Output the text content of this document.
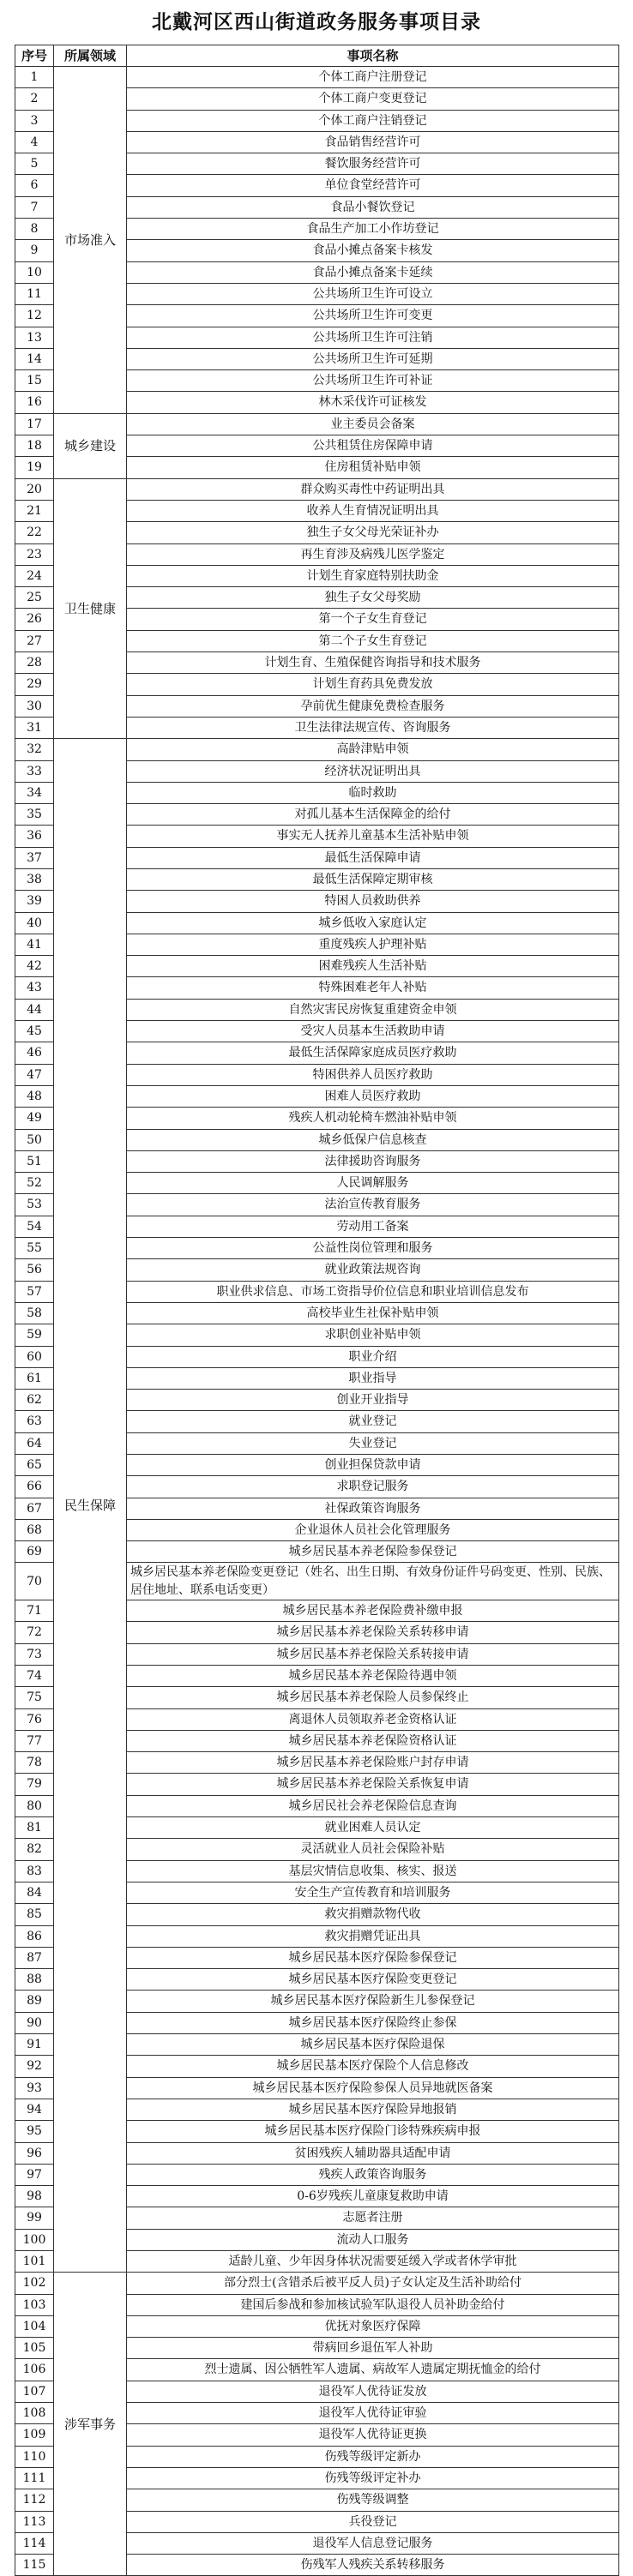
北戴河区西山街道政务服务事项目录
序号	所属领域	事项名称
1	市场准入	个体工商户注册登记
2		个体工商户变更登记
3		个体工商户注销登记
4		食品销售经营许可
5		餐饮服务经营许可
6		单位食堂经营许可
7		食品小餐饮登记
8		食品生产加工小作坊登记
9		食品小摊点备案卡核发
10		食品小摊点备案卡延续
11		公共场所卫生许可设立
12		公共场所卫生许可变更
13		公共场所卫生许可注销
14		公共场所卫生许可延期
15		公共场所卫生许可补证
16		林木采伐许可证核发
17	城乡建设	业主委员会备案
18		公共租赁住房保障申请
19		住房租赁补贴申领
20	卫生健康	群众购买毒性中药证明出具
21		收养人生育情况证明出具
22		独生子女父母光荣证补办
23		再生育涉及病残儿医学鉴定
24		计划生育家庭特别扶助金
25		独生子女父母奖励
26		第一个子女生育登记
27		第二个子女生育登记
28		计划生育、生殖保健咨询指导和技术服务
29		计划生育药具免费发放
30		孕前优生健康免费检查服务
31		卫生法律法规宣传、咨询服务
32	民生保障	高龄津贴申领
33		经济状况证明出具
34		临时救助
35		对孤儿基本生活保障金的给付
36		事实无人抚养儿童基本生活补贴申领
37		最低生活保障申请
38		最低生活保障定期审核
39		特困人员救助供养
40		城乡低收入家庭认定
41		重度残疾人护理补贴
42		困难残疾人生活补贴
43		特殊困难老年人补贴
44		自然灾害民房恢复重建资金申领
45		受灾人员基本生活救助申请
46		最低生活保障家庭成员医疗救助
47		特困供养人员医疗救助
48		困难人员医疗救助
49		残疾人机动轮椅车燃油补贴申领
50		城乡低保户信息核查
51		法律援助咨询服务
52		人民调解服务
53		法治宣传教育服务
54		劳动用工备案
55		公益性岗位管理和服务
56		就业政策法规咨询
57		职业供求信息、市场工资指导价位信息和职业培训信息发布
58		高校毕业生社保补贴申领
59		求职创业补贴申领
60		职业介绍
61		职业指导
62		创业开业指导
63		就业登记
64		失业登记
65		创业担保贷款申请
66		求职登记服务
67		社保政策咨询服务
68		企业退休人员社会化管理服务
69		城乡居民基本养老保险参保登记
70		城乡居民基本养老保险变更登记（姓名、出生日期、有效身份证件号码变更、性别、民族、居住地址、联系电话变更）
71		城乡居民基本养老保险费补缴申报
72		城乡居民基本养老保险关系转移申请
73		城乡居民基本养老保险关系转接申请
74		城乡居民基本养老保险待遇申领
75		城乡居民基本养老保险人员参保终止
76		离退休人员领取养老金资格认证
77		城乡居民基本养老保险资格认证
78		城乡居民基本养老保险账户封存申请
79		城乡居民基本养老保险关系恢复申请
80		城乡居民社会养老保险信息查询
81		就业困难人员认定
82		灵活就业人员社会保险补贴
83		基层灾情信息收集、核实、报送
84		安全生产宣传教育和培训服务
85		救灾捐赠款物代收
86		救灾捐赠凭证出具
87		城乡居民基本医疗保险参保登记
88		城乡居民基本医疗保险变更登记
89		城乡居民基本医疗保险新生儿参保登记
90		城乡居民基本医疗保险终止参保
91		城乡居民基本医疗保险退保
92		城乡居民基本医疗保险个人信息修改
93		城乡居民基本医疗保险参保人员异地就医备案
94		城乡居民基本医疗保险异地报销
95		城乡居民基本医疗保险门诊特殊疾病申报
96		贫困残疾人辅助器具适配申请
97		残疾人政策咨询服务
98		0-6岁残疾儿童康复救助申请
99		志愿者注册
100		流动人口服务
101		适龄儿童、少年因身体状况需要延缓入学或者休学审批
102	涉军事务	部分烈士(含错杀后被平反人员)子女认定及生活补助给付
103		建国后参战和参加核试验军队退役人员补助金给付
104		优抚对象医疗保障
105		带病回乡退伍军人补助
106		烈士遗属、因公牺牲军人遗属、病故军人遗属定期抚恤金的给付
107		退役军人优待证发放
108		退役军人优待证审验
109		退役军人优待证更换
110		伤残等级评定新办
111		伤残等级评定补办
112		伤残等级调整
113		兵役登记
114		退役军人信息登记服务
115		伤残军人残疾关系转移服务
